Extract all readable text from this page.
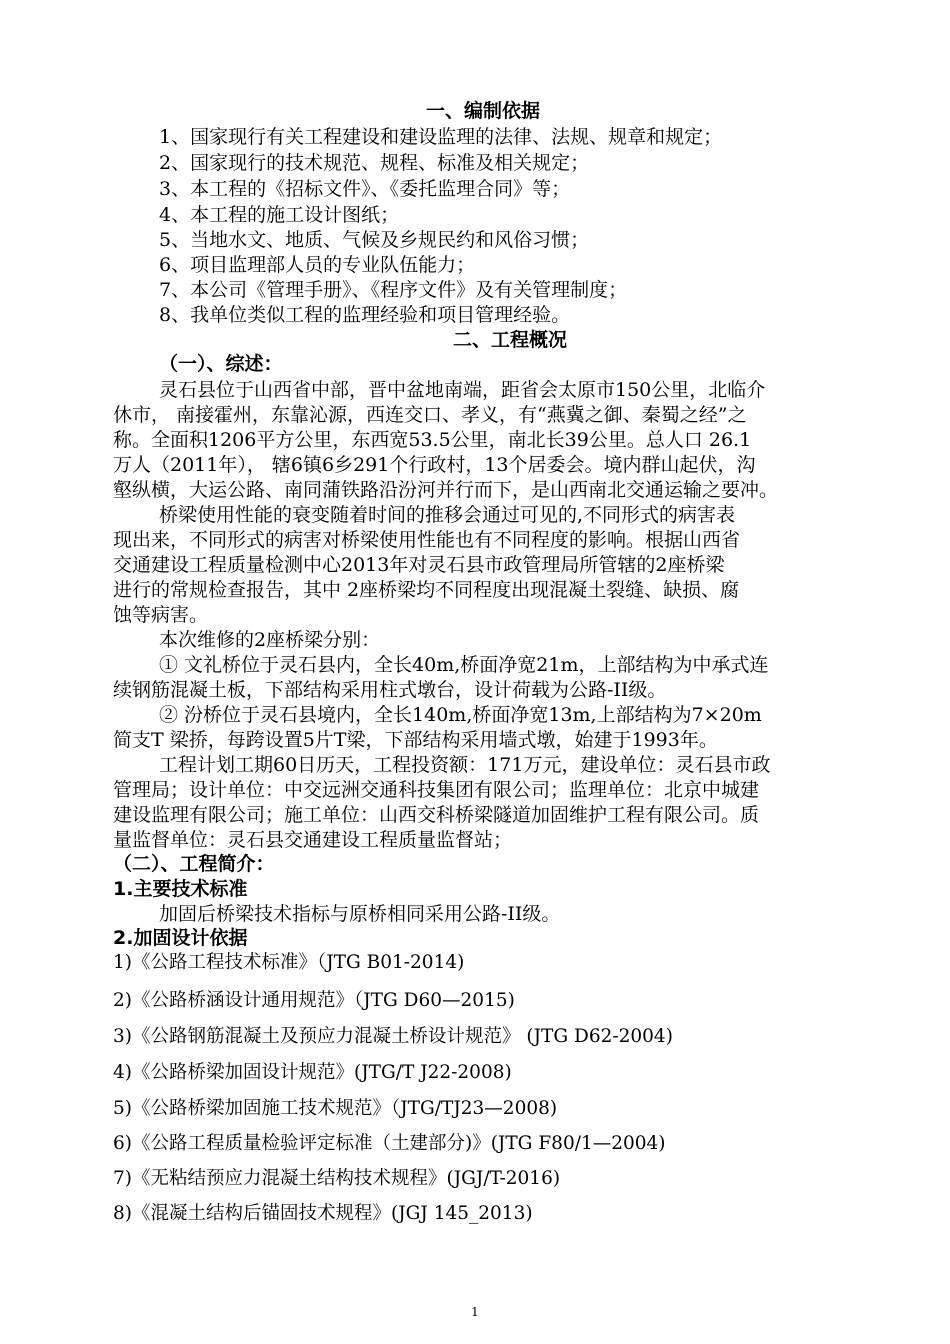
一、编制依据
1、国家现行有关工程建设和建设监理的法律、法规、规章和规定；
2、国家现行的技术规范、规程、标准及相关规定；
3、本工程的《招标文件》、《委托监理合同》等；
4、本工程的施工设计图纸；
5、当地水文、地质、气候及乡规民约和风俗习惯；
6、项目监理部人员的专业队伍能力；
7、本公司《管理手册》、《程序文件》及有关管理制度；
8、我单位类似工程的监理经验和项目管理经验。
二、工程概况
（一）、综述：
灵石县位于山西省中部，晋中盆地南端，距省会太原市150公里，北临介
休市， 南接霍州，东靠沁源，西连交口、孝义，有“燕冀之御、秦蜀之经”之
称。全面积1206平方公里，东西宽53.5公里，南北长39公里。总人口 26.1
万人（2011年）， 辖6镇6乡291个行政村，13个居委会。境内群山起伏，沟
壑纵横，大运公路、南同蒲铁路沿汾河并行而下，是山西南北交通运输之要冲。
桥梁使用性能的衰变随着时间的推移会通过可见的,不同形式的病害表
现出来，不同形式的病害对桥梁使用性能也有不同程度的影响。根据山西省
交通建设工程质量检测中心2013年对灵石县市政管理局所管辖的2座桥梁
进行的常规检查报告，其中 2座桥梁均不同程度出现混凝土裂缝、缺损、腐
蚀等病害。
本次维修的2座桥梁分别：
① 文礼桥位于灵石县内，全长40m,桥面净宽21m，上部结构为中承式连
续钢筋混凝土板，下部结构采用柱式墩台，设计荷载为公路-II级。
② 汾桥位于灵石县境内，全长140m,桥面净宽13m,上部结构为7×20m
简支T 梁挢，每跨设置5片T梁，下部结构采用墙式墩，始建于1993年。
工程计划工期60日历天，工程投资额：171万元，建设单位：灵石县市政
管理局；设计单位：中交远洲交通科技集团有限公司；监理单位：北京中城建
建设监理有限公司；施工单位：山西交科桥梁隧道加固维护工程有限公司。质
量监督单位：灵石县交通建设工程质量监督站；
（二）、工程简介：
1.主要技术标准
加固后桥梁技术指标与原桥相同采用公路-II级。
2.加固设计依据
1)《公路工程技术标准》（JTG B01-2014)
2)《公路桥涵设计通用规范》（JTG D60—2015)
3)《公路钢筋混凝土及预应力混凝土桥设计规范》 (JTG D62-2004)
4)《公路桥梁加固设计规范》(JTG/T J22-2008)
5)《公路桥梁加固施工技术规范》（JTG/TJ23—2008)
6)《公路工程质量检验评定标准（土建部分)》(JTG F80/1—2004)
7)《无粘结预应力混凝土结构技术规程》(JGJ/T-2016)
8)《混凝土结构后锚固技术规程》(JGJ 145_2013)
1
